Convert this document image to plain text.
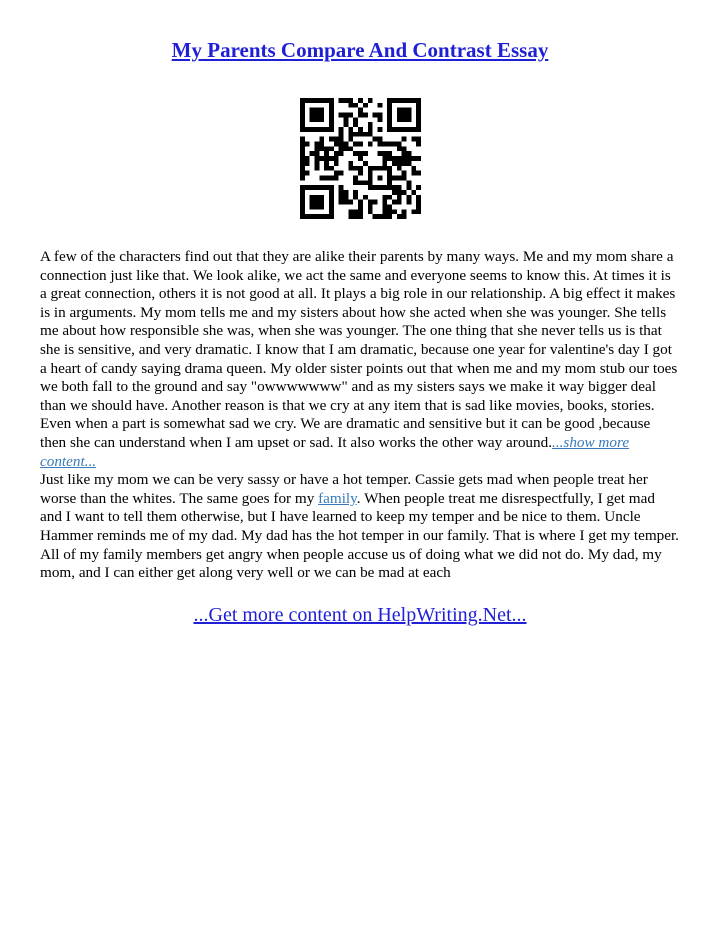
My Parents Compare And Contrast Essay

A few of the characters find out that they are alike their parents by many ways. Me and my mom share a connection just like that. We look alike, we act the same and everyone seems to know this. At times it is a great connection, others it is not good at all. It plays a big role in our relationship. A big effect it makes is in arguments. My mom tells me and my sisters about how she acted when she was younger. She tells me about how responsible she was, when she was younger. The one thing that she never tells us is that she is sensitive, and very dramatic. I know that I am dramatic, because one year for valentine's day I got a heart of candy saying drama queen. My older sister points out that when me and my mom stub our toes we both fall to the ground and say "owwwwwww" and as my sisters says we make it way bigger deal than we should have. Another reason is that we cry at any item that is sad like movies, books, stories. Even when a part is somewhat sad we cry. We are dramatic and sensitive but it can be good ,because then she can understand when I am upset or sad. It also works the other way around....show more content...

Just like my mom we can be very sassy or have a hot temper. Cassie gets mad when people treat her worse than the whites. The same goes for my family. When people treat me disrespectfully, I get mad and I want to tell them otherwise, but I have learned to keep my temper and be nice to them. Uncle Hammer reminds me of my dad. My dad has the hot temper in our family. That is where I get my temper. All of my family members get angry when people accuse us of doing what we did not do. My dad, my mom, and I can either get along very well or we can be mad at each

...Get more content on HelpWriting.Net...
